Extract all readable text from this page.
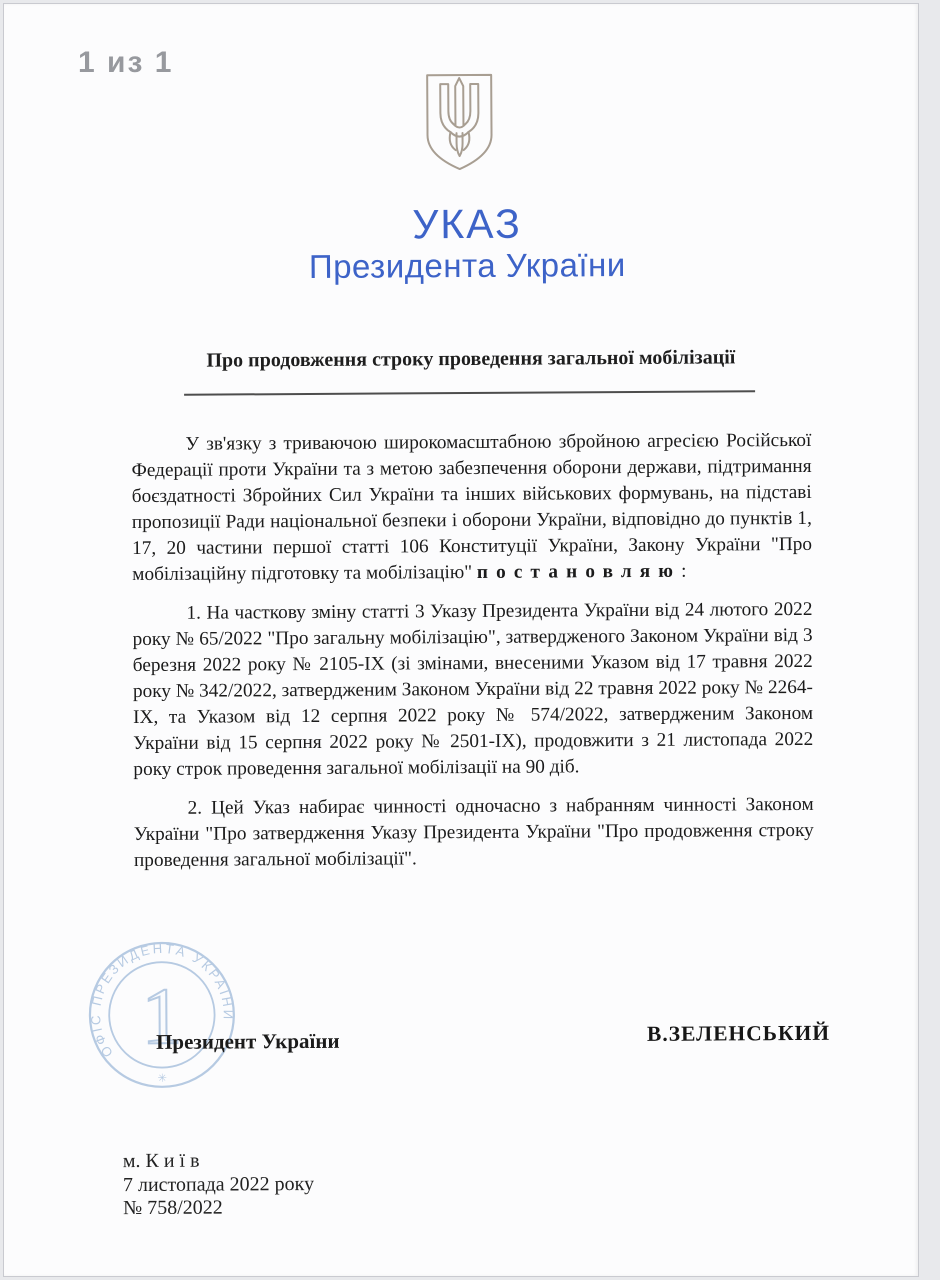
1 из 1
УКАЗ
Президента України
Про продовження строку проведення загальної мобілізації

У зв'язку з триваючою широкомасштабною збройною агресією Російської Федерації проти України та з метою забезпечення оборони держави, підтримання боєздатності Збройних Сил України та інших військових формувань, на підставі пропозиції Ради національної безпеки і оборони України, відповідно до пунктів 1, 17, 20 частини першої статті 106 Конституції України, Закону України "Про мобілізаційну підготовку та мобілізацію" постановляю:

1. На часткову зміну статті 3 Указу Президента України від 24 лютого 2022 року № 65/2022 "Про загальну мобілізацію", затвердженого Законом України від 3 березня 2022 року № 2105-IX (зі змінами, внесеними Указом від 17 травня 2022 року № 342/2022, затвердженим Законом України від 22 травня 2022 року № 2264-IX, та Указом від 12 серпня 2022 року № 574/2022, затвердженим Законом України від 15 серпня 2022 року № 2501-IX), продовжити з 21 листопада 2022 року строк проведення загальної мобілізації на 90 діб.

2. Цей Указ набирає чинності одночасно з набранням чинності Законом України "Про затвердження Указу Президента України "Про продовження строку проведення загальної мобілізації".

ОФІС ПРЕЗИДЕНТА УКРАЇНИ
1
✳
Президент України	В.ЗЕЛЕНСЬКИЙ
м. К и ї в
7 листопада 2022 року
№ 758/2022
